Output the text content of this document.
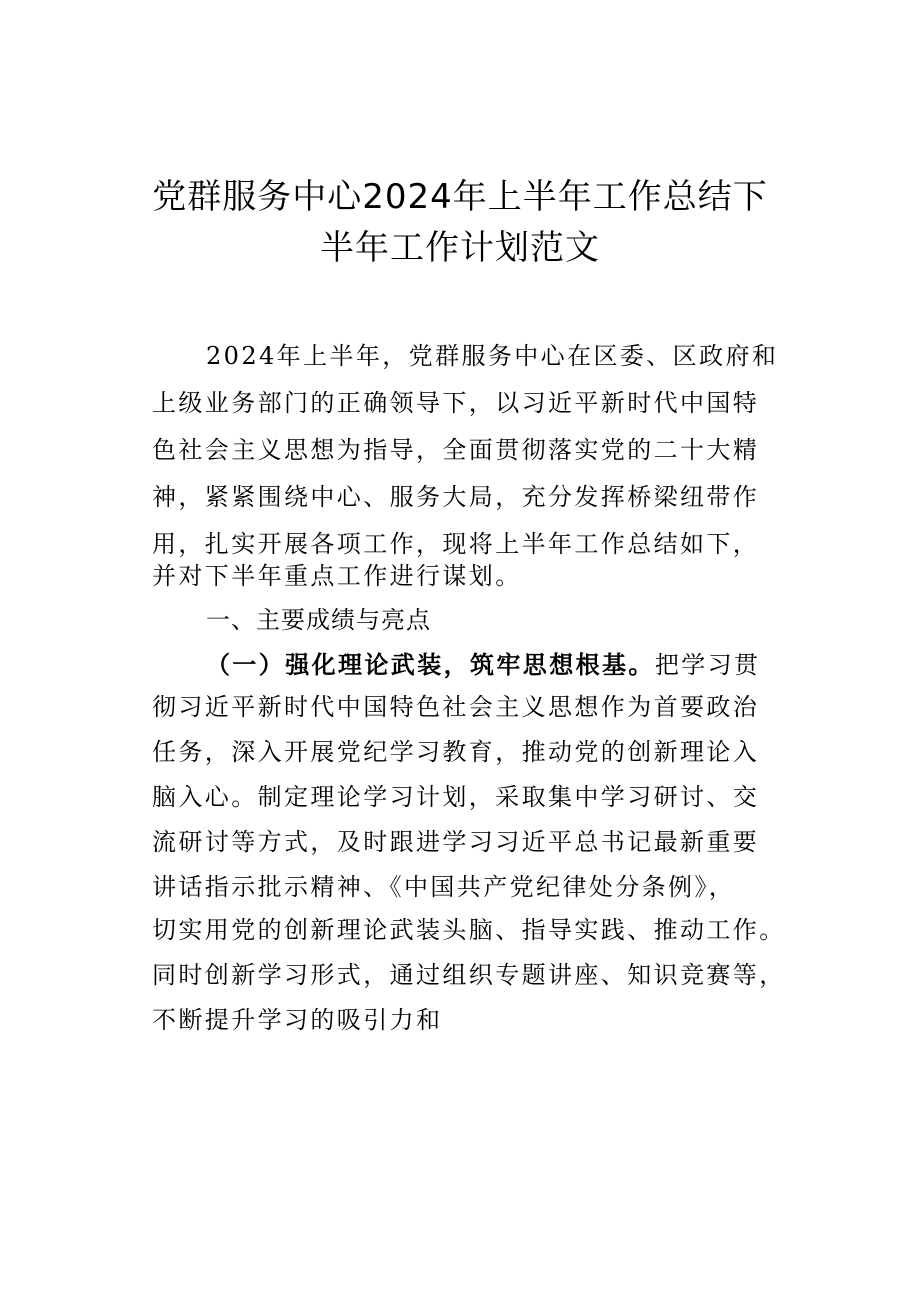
党群服务中心2024年上半年工作总结下
半年工作计划范文
2024年上半年，党群服务中心在区委、区政府和
上级业务部门的正确领导下，以习近平新时代中国特
色社会主义思想为指导，全面贯彻落实党的二十大精
神，紧紧围绕中心、服务大局，充分发挥桥梁纽带作
用，扎实开展各项工作，现将上半年工作总结如下，
并对下半年重点工作进行谋划。
一、主要成绩与亮点
（一）强化理论武装，筑牢思想根基。把学习贯
彻习近平新时代中国特色社会主义思想作为首要政治
任务，深入开展党纪学习教育，推动党的创新理论入
脑入心。制定理论学习计划，采取集中学习研讨、交
流研讨等方式，及时跟进学习习近平总书记最新重要
讲话指示批示精神、《中国共产党纪律处分条例》，
切实用党的创新理论武装头脑、指导实践、推动工作。
同时创新学习形式，通过组织专题讲座、知识竞赛等，
不断提升学习的吸引力和
